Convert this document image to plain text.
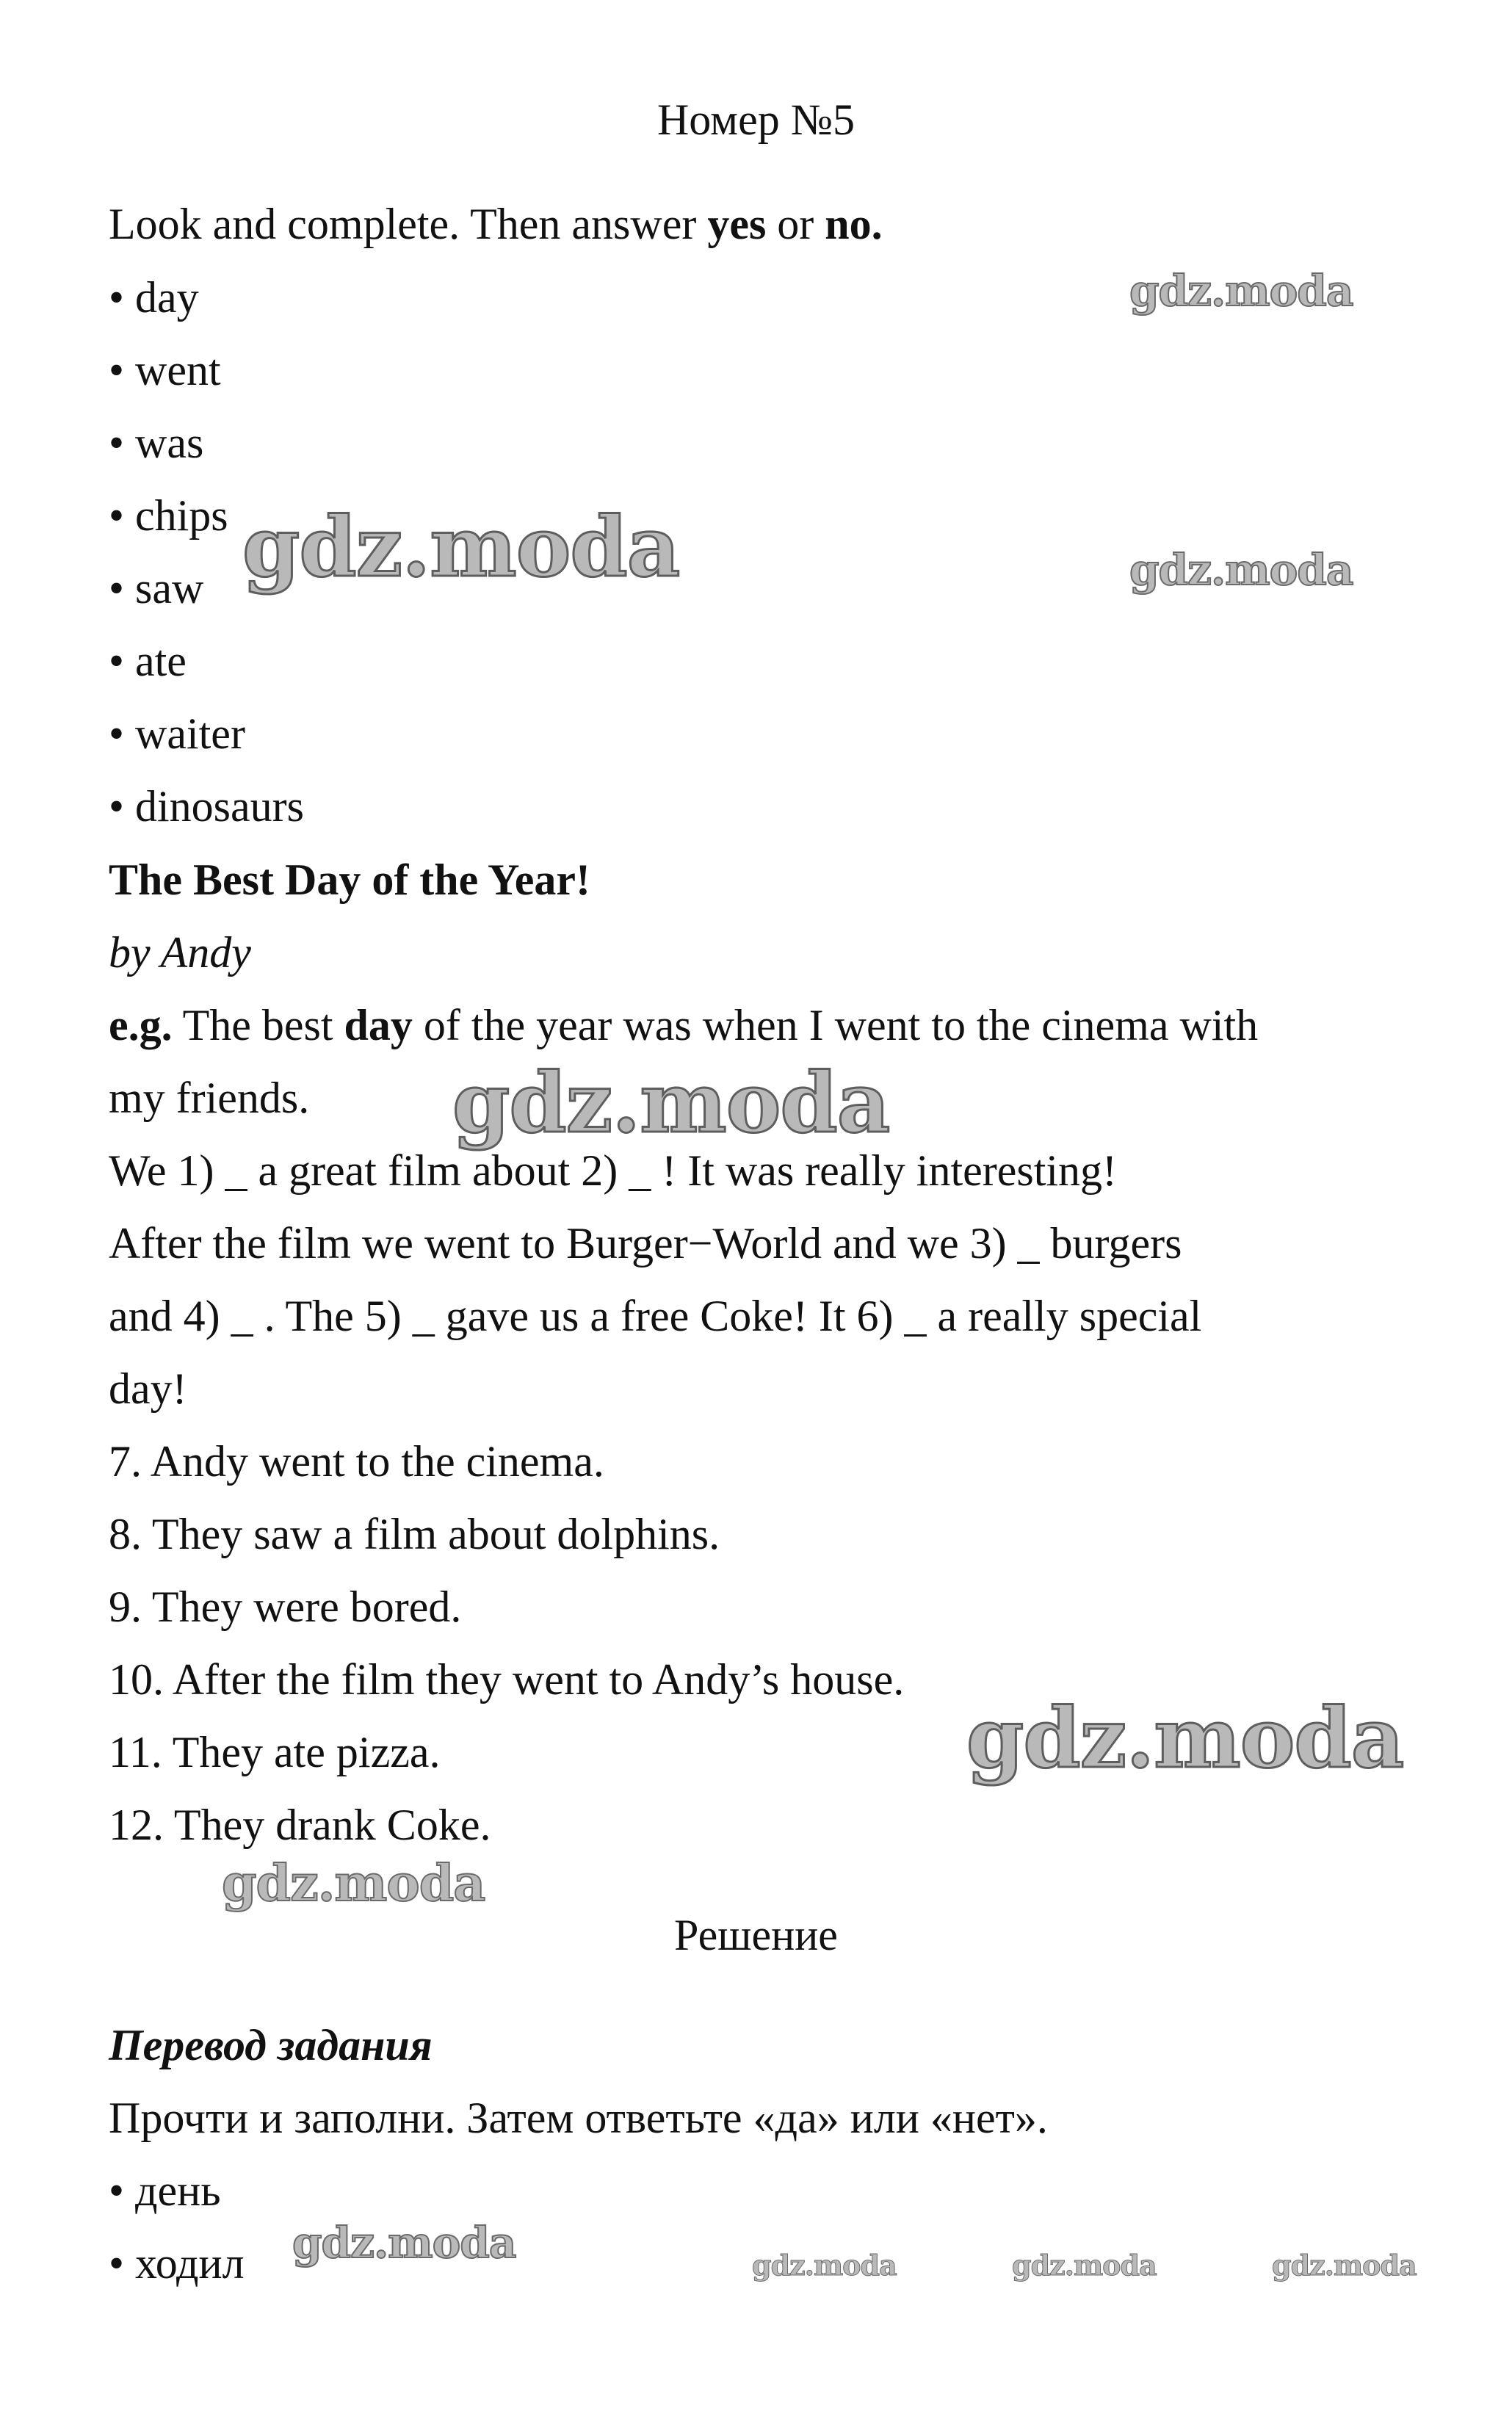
Номер №5
Look and complete. Then answer yes or no.
• day
• went
• was
• chips
• saw
• ate
• waiter
• dinosaurs
The Best Day of the Year!
by Andy
e.g. The best day of the year was when I went to the cinema with
my friends.
We 1) _ a great film about 2) _ ! It was really interesting!
After the film we went to Burger−World and we 3) _ burgers
and 4) _ . The 5) _ gave us a free Coke! It 6) _ a really special
day!
7. Andy went to the cinema.
8. They saw a film about dolphins.
9. They were bored.
10. After the film they went to Andy’s house.
11. They ate pizza.
12. They drank Coke.
Решение
Перевод задания
Прочти и заполни. Затем ответьте «да» или «нет».
• день
• ходил
gdz.moda
gdz.moda	gdz.moda
gdz.moda
gdz.moda
gdz.moda
gdz.moda	gdz.moda	gdz.moda	gdz.moda
